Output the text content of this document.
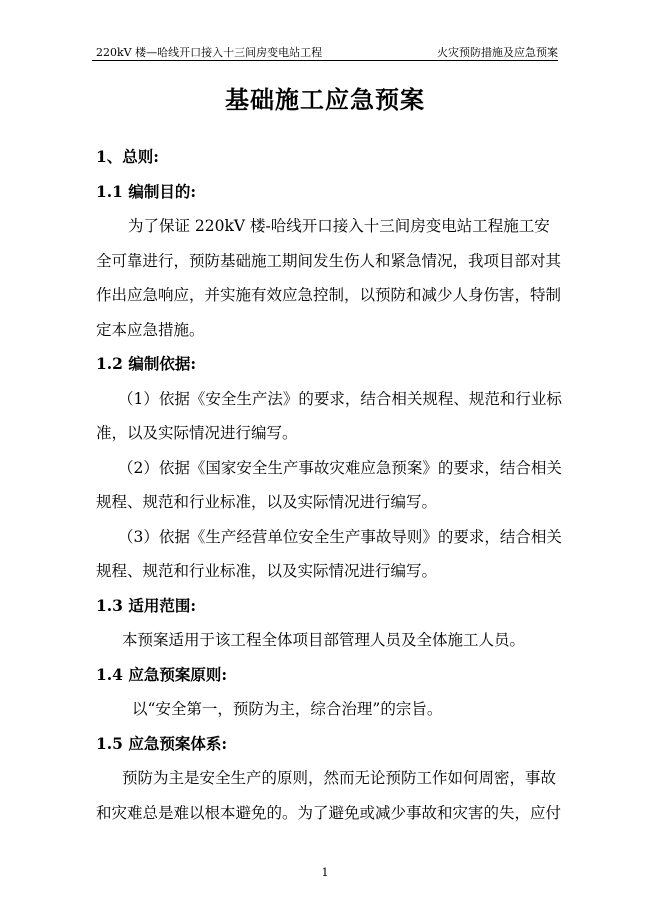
220kV 楼—哈线开口接入十三间房变电站工程	火灾预防措施及应急预案
基础施工应急预案
1、总则:
1.1 编制目的:
为了保证 220kV 楼-哈线开口接入十三间房变电站工程施工安
全可靠进行，预防基础施工期间发生伤人和紧急情况，我项目部对其
作出应急响应，并实施有效应急控制，以预防和减少人身伤害，特制
定本应急措施。
1.2 编制依据:
（1）依据《安全生产法》的要求，结合相关规程、规范和行业标
准，以及实际情况进行编写。
（2）依据《国家安全生产事故灾难应急预案》的要求，结合相关
规程、规范和行业标准，以及实际情况进行编写。
（3）依据《生产经营单位安全生产事故导则》的要求，结合相关
规程、规范和行业标准，以及实际情况进行编写。
1.3 适用范围:
本预案适用于该工程全体项目部管理人员及全体施工人员。
1.4 应急预案原则:
以“安全第一，预防为主，综合治理”的宗旨。
1.5 应急预案体系:
预防为主是安全生产的原则，然而无论预防工作如何周密，事故
和灾难总是难以根本避免的。为了避免或减少事故和灾害的失，应付
1
